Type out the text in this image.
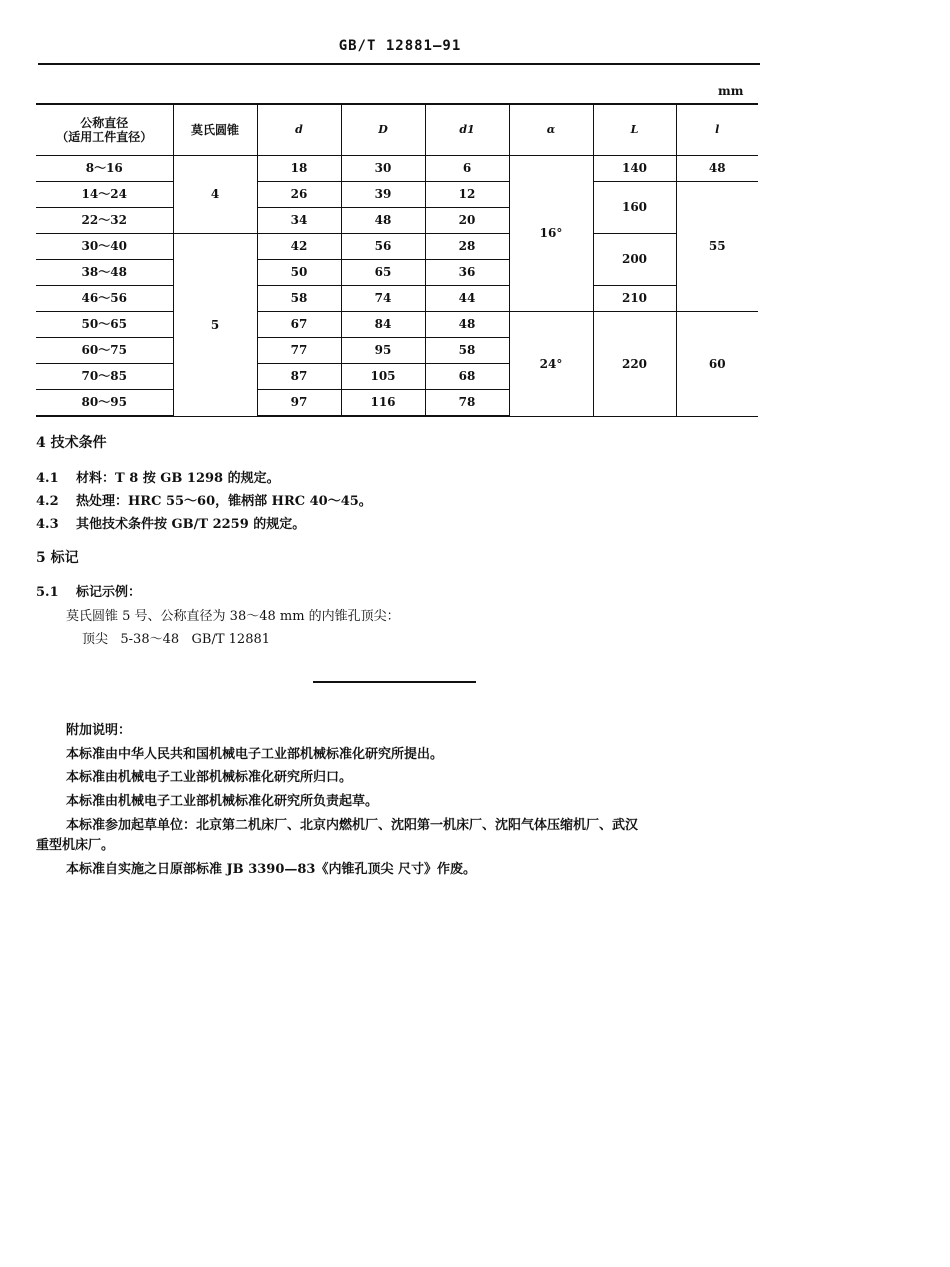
GB/T 12881—91
mm
公称直径
（适用工件直径）	莫氏圆锥	d	D	d1	α	L	l
8～16	4	18	30	6	16°	140	48
14～24		26	39	12		160	55
22～32		34	48	20			
30～40	5	42	56	28		200	
38～48		50	65	36			
46～56		58	74	44		210	
50～65		67	84	48	24°	220	60
60～75		77	95	58			
70～85		87	105	68			
80～95		97	116	78			
4 技术条件
4.1 材料：T 8 按 GB 1298 的规定。
4.2 热处理：HRC 55～60，锥柄部 HRC 40～45。
4.3 其他技术条件按 GB/T 2259 的规定。
5 标记
5.1 标记示例：
莫氏圆锥 5 号、公称直径为 38～48 mm 的内锥孔顶尖：
顶尖   5-38～48   GB/T 12881
附加说明：
本标准由中华人民共和国机械电子工业部机械标准化研究所提出。
本标准由机械电子工业部机械标准化研究所归口。
本标准由机械电子工业部机械标准化研究所负责起草。
本标准参加起草单位：北京第二机床厂、北京内燃机厂、沈阳第一机床厂、沈阳气体压缩机厂、武汉
重型机床厂。
本标准自实施之日原部标准 JB 3390—83《内锥孔顶尖 尺寸》作废。
